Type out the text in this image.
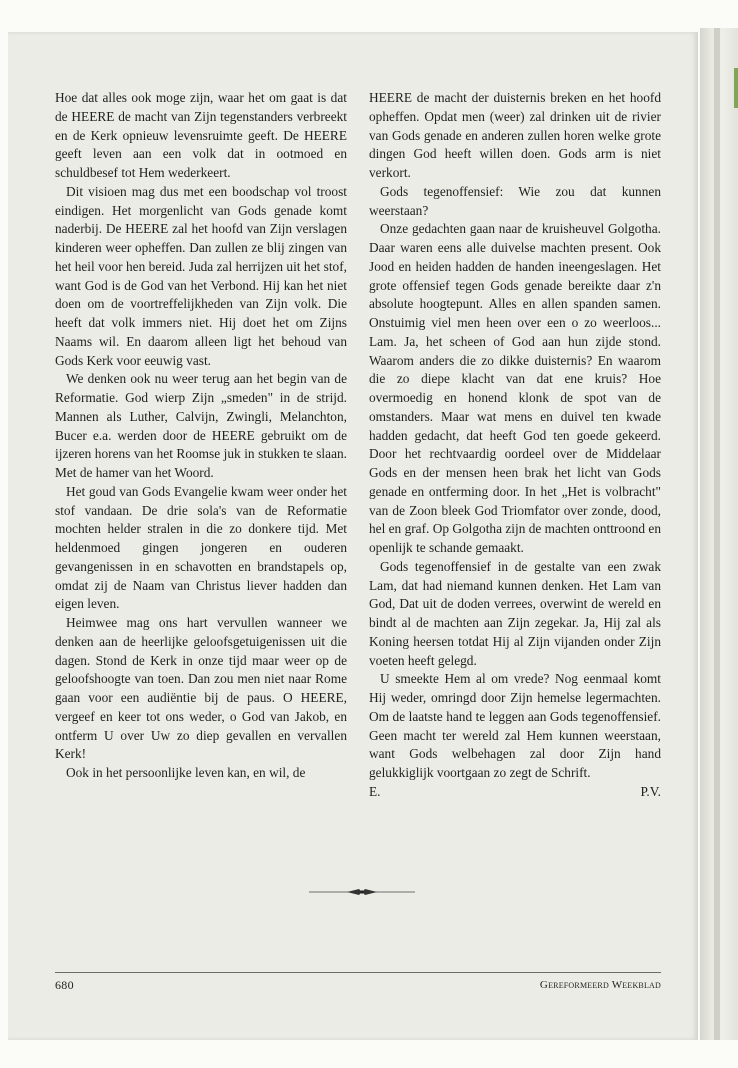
Hoe dat alles ook moge zijn, waar het om gaat is dat de HEERE de macht van Zijn tegenstanders verbreekt en de Kerk opnieuw levensruimte geeft. De HEERE geeft leven aan een volk dat in ootmoed en schuldbesef tot Hem wederkeert.

Dit visioen mag dus met een boodschap vol troost eindigen. Het morgenlicht van Gods genade komt naderbij. De HEERE zal het hoofd van Zijn verslagen kinderen weer opheffen. Dan zullen ze blij zingen van het heil voor hen bereid. Juda zal herrijzen uit het stof, want God is de God van het Verbond. Hij kan het niet doen om de voortreffelijkheden van Zijn volk. Die heeft dat volk immers niet. Hij doet het om Zijns Naams wil. En daarom alleen ligt het behoud van Gods Kerk voor eeuwig vast.

We denken ook nu weer terug aan het begin van de Reformatie. God wierp Zijn „smeden" in de strijd. Mannen als Luther, Calvijn, Zwingli, Melanchton, Bucer e.a. werden door de HEERE gebruikt om de ijzeren horens van het Roomse juk in stukken te slaan. Met de hamer van het Woord.

Het goud van Gods Evangelie kwam weer onder het stof vandaan. De drie sola's van de Reformatie mochten helder stralen in die zo donkere tijd. Met heldenmoed gingen jongeren en ouderen gevangenissen in en schavotten en brandstapels op, omdat zij de Naam van Christus liever hadden dan eigen leven.

Heimwee mag ons hart vervullen wanneer we denken aan de heerlijke geloofsgetuigenissen uit die dagen. Stond de Kerk in onze tijd maar weer op de geloofshoogte van toen. Dan zou men niet naar Rome gaan voor een audiëntie bij de paus. O HEERE, vergeef en keer tot ons weder, o God van Jakob, en ontferm U over Uw zo diep gevallen en vervallen Kerk!

Ook in het persoonlijke leven kan, en wil, de

HEERE de macht der duisternis breken en het hoofd opheffen. Opdat men (weer) zal drinken uit de rivier van Gods genade en anderen zullen horen welke grote dingen God heeft willen doen. Gods arm is niet verkort.

Gods tegenoffensief: Wie zou dat kunnen weerstaan?

Onze gedachten gaan naar de kruisheuvel Golgotha. Daar waren eens alle duivelse machten present. Ook Jood en heiden hadden de handen ineengeslagen. Het grote offensief tegen Gods genade bereikte daar z'n absolute hoogtepunt. Alles en allen spanden samen. Onstuimig viel men heen over een o zo weerloos... Lam. Ja, het scheen of God aan hun zijde stond. Waarom anders die zo dikke duisternis? En waarom die zo diepe klacht van dat ene kruis? Hoe overmoedig en honend klonk de spot van de omstanders. Maar wat mens en duivel ten kwade hadden gedacht, dat heeft God ten goede gekeerd. Door het rechtvaardig oordeel over de Middelaar Gods en der mensen heen brak het licht van Gods genade en ontferming door. In het „Het is volbracht" van de Zoon bleek God Triomfator over zonde, dood, hel en graf. Op Golgotha zijn de machten onttroond en openlijk te schande gemaakt.

Gods tegenoffensief in de gestalte van een zwak Lam, dat had niemand kunnen denken. Het Lam van God, Dat uit de doden verrees, overwint de wereld en bindt al de machten aan Zijn zegekar. Ja, Hij zal als Koning heersen totdat Hij al Zijn vijanden onder Zijn voeten heeft gelegd.

U smeekte Hem al om vrede? Nog eenmaal komt Hij weder, omringd door Zijn hemelse legermachten. Om de laatste hand te leggen aan Gods tegenoffensief. Geen macht ter wereld zal Hem kunnen weerstaan, want Gods welbehagen zal door Zijn hand gelukkiglijk voortgaan zo zegt de Schrift.

E.	P.V.
680	Gereformeerd Weekblad
